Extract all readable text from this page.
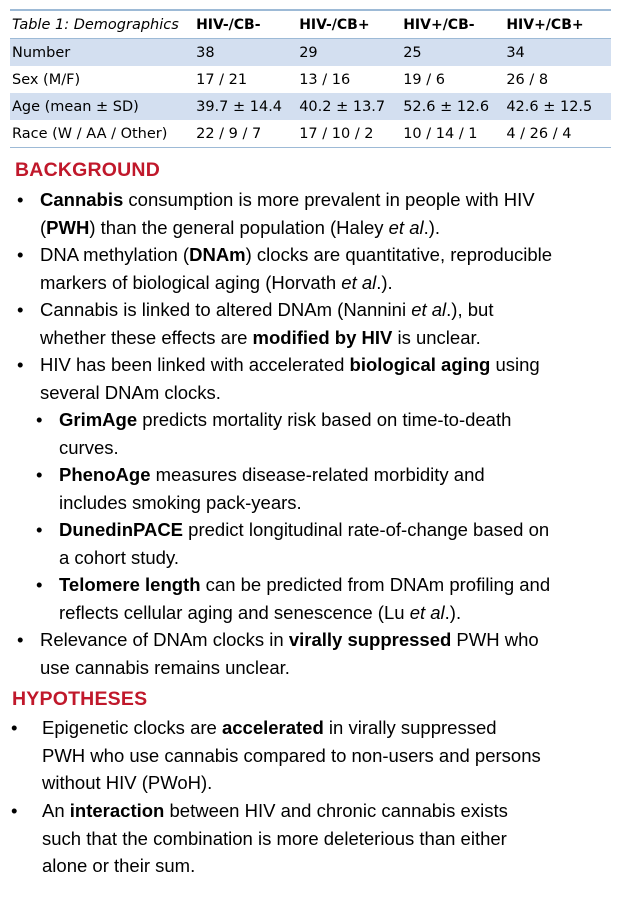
Table 1: Demographics	HIV-/CB-	HIV-/CB+	HIV+/CB-	HIV+/CB+
Number	38	29	25	34
Sex (M/F)	17 / 21	13 / 16	19 / 6	26 / 8
Age (mean ± SD)	39.7 ± 14.4	40.2 ± 13.7	52.6 ± 12.6	42.6 ± 12.5
Race (W / AA / Other)	22 / 9 / 7	17 / 10 / 2	10 / 14 / 1	4 / 26 / 4
BACKGROUND

• Cannabis consumption is more prevalent in people with HIV (PWH) than the general population (Haley et al.).

• DNA methylation (DNAm) clocks are quantitative, reproducible markers of biological aging (Horvath et al.).

• Cannabis is linked to altered DNAm (Nannini et al.), but whether these effects are modified by HIV is unclear.

• HIV has been linked with accelerated biological aging using several DNAm clocks.

• GrimAge predicts mortality risk based on time-to-death curves.

• PhenoAge measures disease-related morbidity and includes smoking pack-years.

• DunedinPACE predict longitudinal rate-of-change based on a cohort study.

• Telomere length can be predicted from DNAm profiling and reflects cellular aging and senescence (Lu et al.).

• Relevance of DNAm clocks in virally suppressed PWH who use cannabis remains unclear.

HYPOTHESES

• Epigenetic clocks are accelerated in virally suppressed PWH who use cannabis compared to non-users and persons without HIV (PWoH).

• An interaction between HIV and chronic cannabis exists such that the combination is more deleterious than either alone or their sum.
